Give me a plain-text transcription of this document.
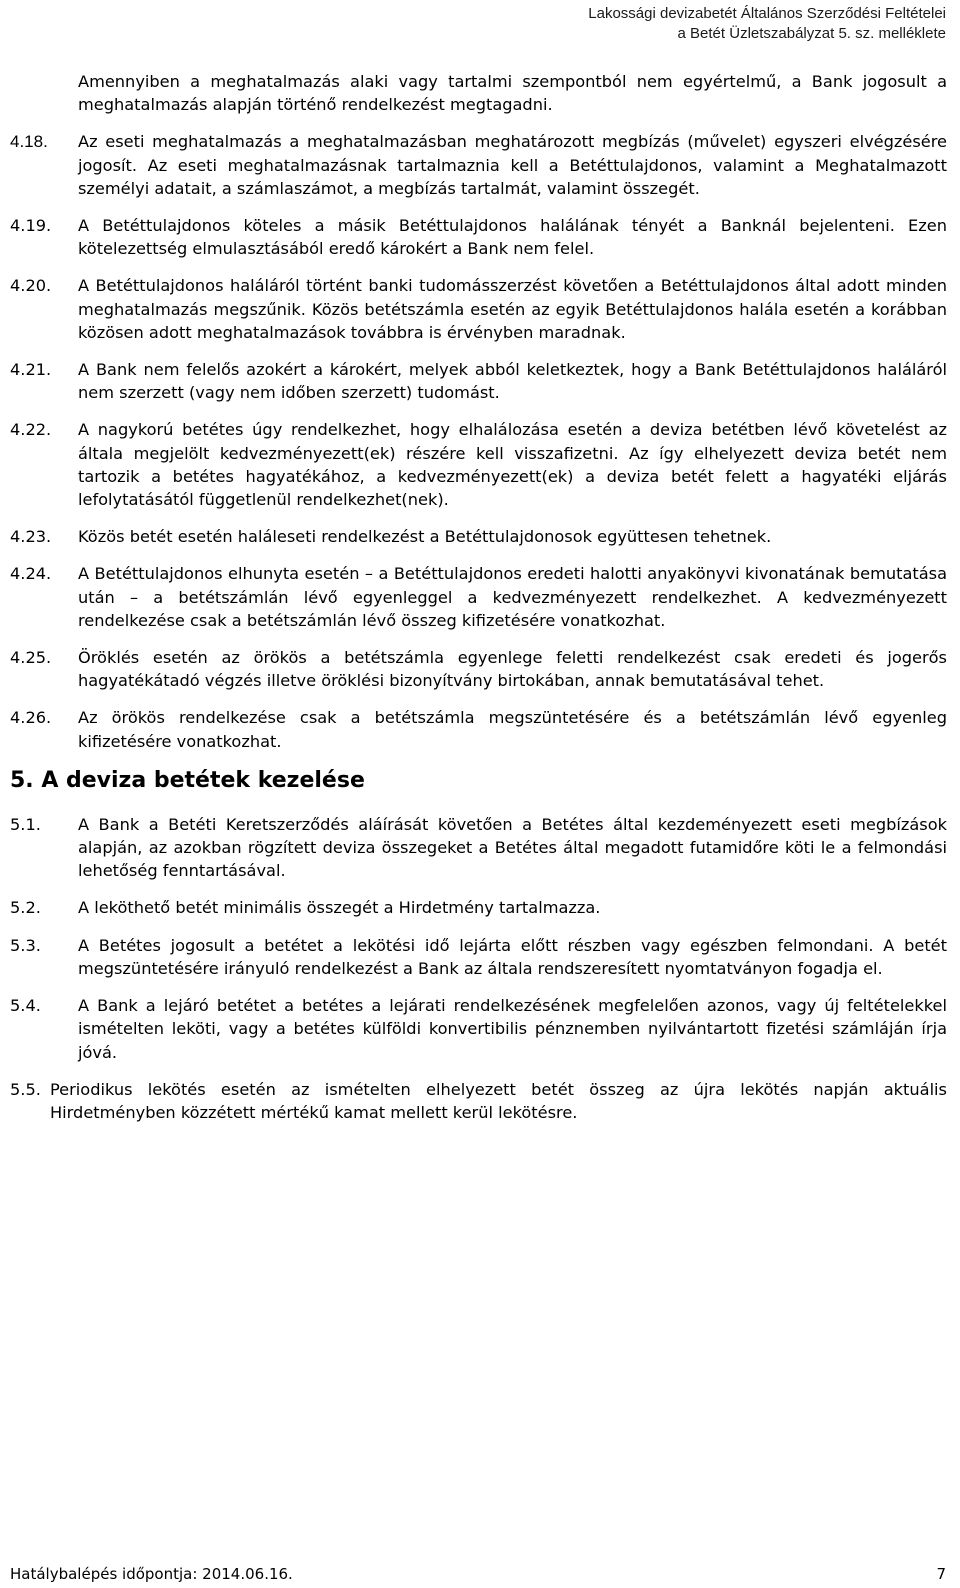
Lakossági devizabetét Általános Szerződési Feltételei
a Betét Üzletszabályzat 5. sz. melléklete
Amennyiben a meghatalmazás alaki vagy tartalmi szempontból nem egyértelmű, a Bank jogosult a meghatalmazás alapján történő rendelkezést megtagadni.
4.18.	Az eseti meghatalmazás a meghatalmazásban meghatározott megbízás (művelet) egyszeri elvégzésére jogosít. Az eseti meghatalmazásnak tartalmaznia kell a Betéttulajdonos, valamint a Meghatalmazott személyi adatait, a számlaszámot, a megbízás tartalmát, valamint összegét.
4.19.	A Betéttulajdonos köteles a másik Betéttulajdonos halálának tényét a Banknál bejelenteni. Ezen kötelezettség elmulasztásából eredő károkért a Bank nem felel.
4.20.	A Betéttulajdonos haláláról történt banki tudomásszerzést követően a Betéttulajdonos által adott minden meghatalmazás megszűnik. Közös betétszámla esetén az egyik Betéttulajdonos halála esetén a korábban közösen adott meghatalmazások továbbra is érvényben maradnak.
4.21.	A Bank nem felelős azokért a károkért, melyek abból keletkeztek, hogy a Bank Betéttulajdonos haláláról nem szerzett (vagy nem időben szerzett) tudomást.
4.22.	A nagykorú betétes úgy rendelkezhet, hogy elhalálozása esetén a deviza betétben lévő követelést az általa megjelölt kedvezményezett(ek) részére kell visszafizetni. Az így elhelyezett deviza betét nem tartozik a betétes hagyatékához, a kedvezményezett(ek) a deviza betét felett a hagyatéki eljárás lefolytatásától függetlenül rendelkezhet(nek).
4.23.	Közös betét esetén haláleseti rendelkezést a Betéttulajdonosok együttesen tehetnek.
4.24.	A Betéttulajdonos elhunyta esetén – a Betéttulajdonos eredeti halotti anyakönyvi kivonatának bemutatása után – a betétszámlán lévő egyenleggel a kedvezményezett rendelkezhet. A kedvezményezett rendelkezése csak a betétszámlán lévő összeg kifizetésére vonatkozhat.
4.25.	Öröklés esetén az örökös a betétszámla egyenlege feletti rendelkezést csak eredeti és jogerős hagyatékátadó végzés illetve öröklési bizonyítvány birtokában, annak bemutatásával tehet.
4.26.	Az örökös rendelkezése csak a betétszámla megszüntetésére és a betétszámlán lévő egyenleg kifizetésére vonatkozhat.
5. A deviza betétek kezelése
5.1.	A Bank a Betéti Keretszerződés aláírását követően a Betétes által kezdeményezett eseti megbízások alapján, az azokban rögzített deviza összegeket a Betétes által megadott futamidőre köti le a felmondási lehetőség fenntartásával.
5.2.	A leköthető betét minimális összegét a Hirdetmény tartalmazza.
5.3.	A Betétes jogosult a betétet a lekötési idő lejárta előtt részben vagy egészben felmondani. A betét megszüntetésére irányuló rendelkezést a Bank az általa rendszeresített nyomtatványon fogadja el.
5.4.	A Bank a lejáró betétet a betétes a lejárati rendelkezésének megfelelően azonos, vagy új feltételekkel ismételten leköti, vagy a betétes külföldi konvertibilis pénznemben nyilvántartott fizetési számláján írja jóvá.
5.5. Periodikus lekötés esetén az ismételten elhelyezett betét összeg az újra lekötés napján aktuális Hirdetményben közzétett mértékű kamat mellett kerül lekötésre.
Hatálybalépés időpontja: 2014.06.16.	7
